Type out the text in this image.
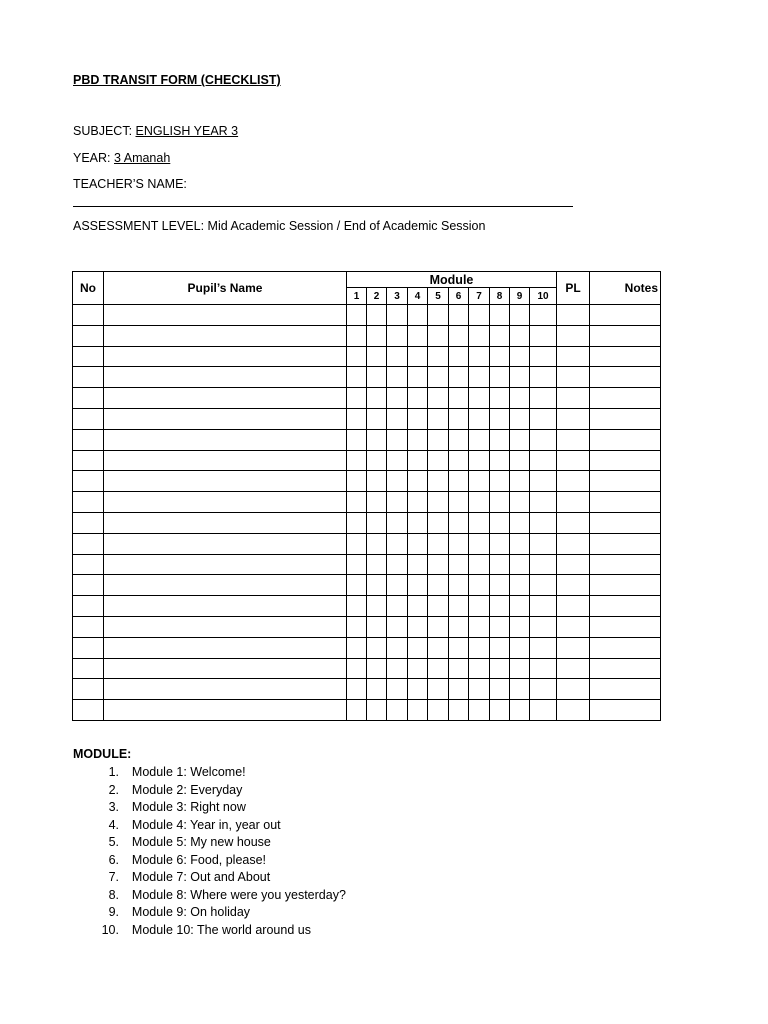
PBD TRANSIT FORM (CHECKLIST)
SUBJECT: ENGLISH YEAR 3
YEAR: 3 Amanah
TEACHER’S NAME:
ASSESSMENT LEVEL: Mid Academic Session / End of Academic Session
No	Pupil’s Name	Module										PL	Notes
		1	2	3	4	5	6	7	8	9	10		

MODULE:
1. Module 1: Welcome!
2. Module 2: Everyday
3. Module 3: Right now
4. Module 4: Year in, year out
5. Module 5: My new house
6. Module 6: Food, please!
7. Module 7: Out and About
8. Module 8: Where were you yesterday?
9. Module 9: On holiday
10. Module 10: The world around us
